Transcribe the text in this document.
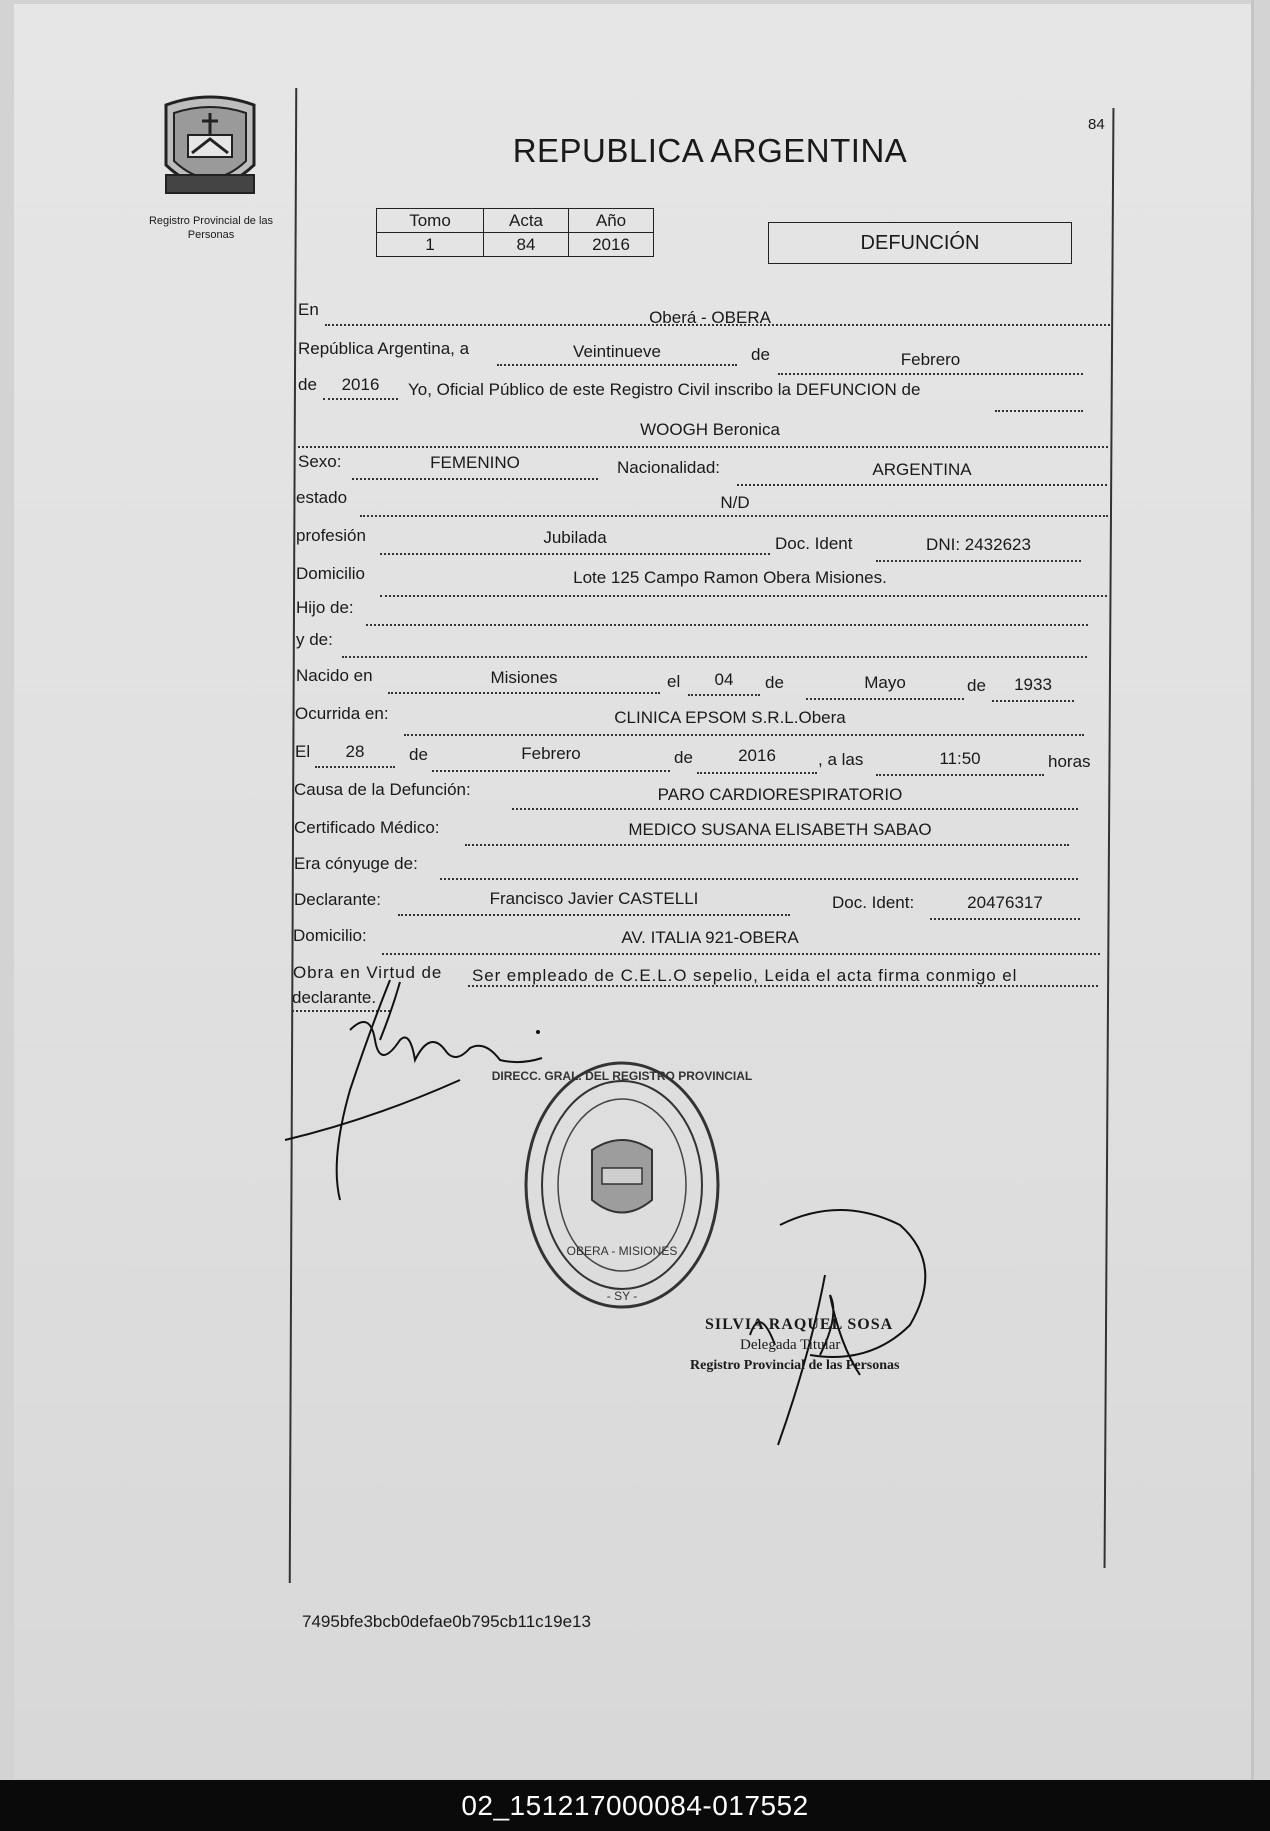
Registro Provincial de las Personas
REPUBLICA ARGENTINA
84
Tomo	Acta	Año
1	84	2016	DEFUNCIÓN
En	Oberá - OBERA
República Argentina, a	Veintinueve	de	Febrero
de	2016	Yo, Oficial Público de este Registro Civil inscribo la DEFUNCION de
WOOGH Beronica
Sexo:	FEMENINO	Nacionalidad:	ARGENTINA
estado	N/D
profesión	Jubilada	Doc. Ident	DNI: 2432623
Domicilio	Lote 125 Campo Ramon Obera Misiones.
Hijo de:
y de:
Nacido en	Misiones	el	04	de	Mayo	de	1933
Ocurrida en:	CLINICA EPSOM S.R.L.Obera
El	28	de	Febrero	de	2016	, a las	11:50	horas
Causa de la Defunción:	PARO CARDIORESPIRATORIO
Certificado Médico:	MEDICO SUSANA ELISABETH SABAO
Era cónyuge de:
Declarante:	Francisco Javier CASTELLI	Doc. Ident:	20476317
Domicilio:	AV. ITALIA 921-OBERA
Obra en Virtud de Ser empleado de C.E.L.O sepelio, Leida el acta firma conmigo el
declarante.
DIRECC. GRAL. DEL REGISTRO PROVINCIAL
OBERA - MISIONES
- SY -
SILVIA RAQUEL SOSA
Delegada Titular
Registro Provincial de las Personas
7495bfe3bcb0defae0b795cb11c19e13
02_151217000084-017552
